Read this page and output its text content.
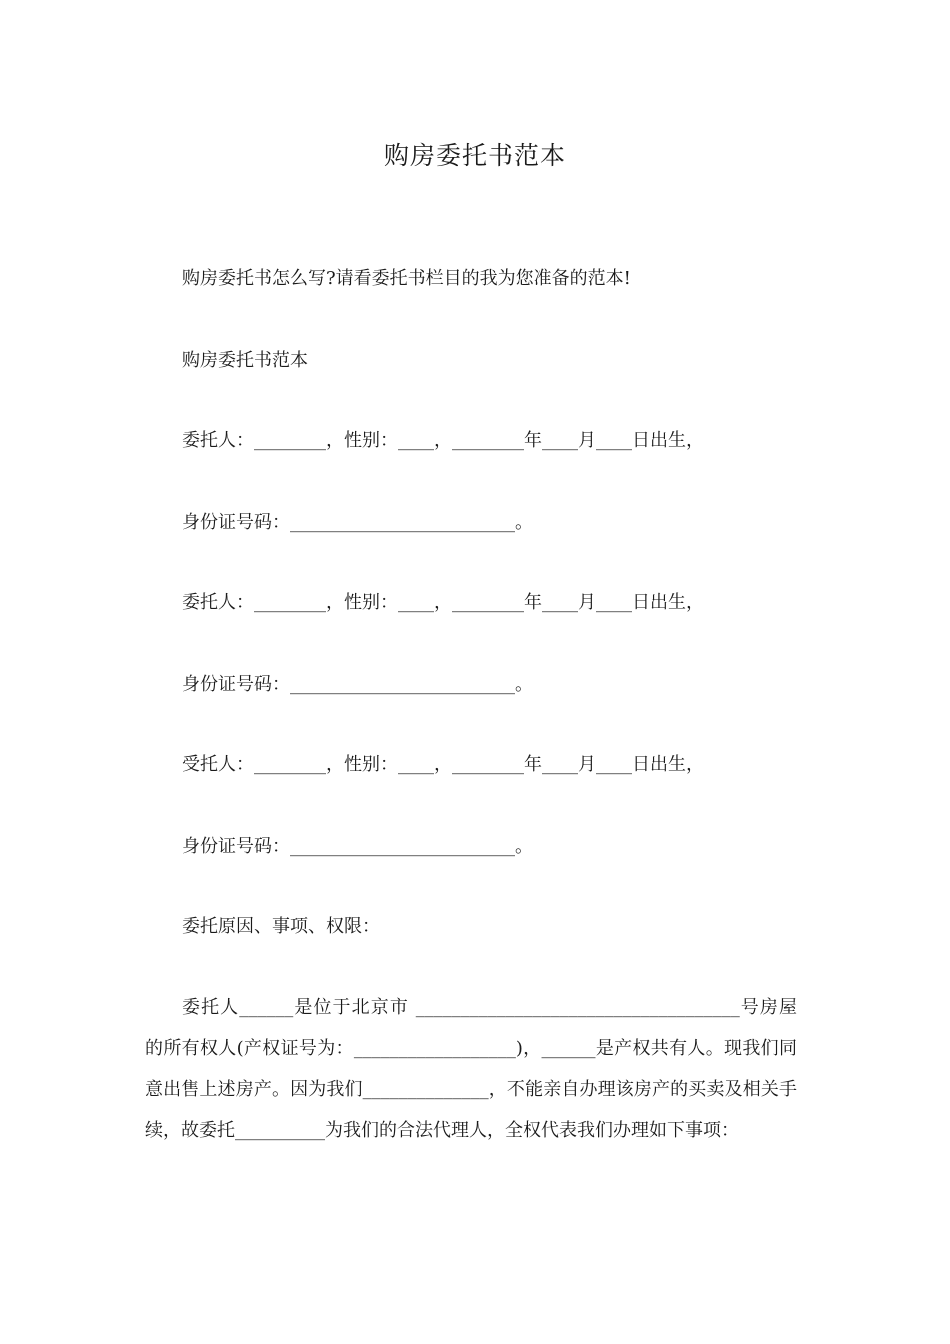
购房委托书范本
购房委托书怎么写?请看委托书栏目的我为您准备的范本!
购房委托书范本
委托人：________，性别：____，________年____月____日出生，
身份证号码：_________________________。
委托人：________，性别：____，________年____月____日出生，
身份证号码：_________________________。
受托人：________，性别：____，________年____月____日出生，
身份证号码：_________________________。
委托原因、事项、权限：
委托人______是位于北京市 ____________________________________号房屋的所有权人(产权证号为：__________________)，______是产权共有人。现我们同意出售上述房产。因为我们______________，不能亲自办理该房产的买卖及相关手续，故委托__________为我们的合法代理人，全权代表我们办理如下事项：
